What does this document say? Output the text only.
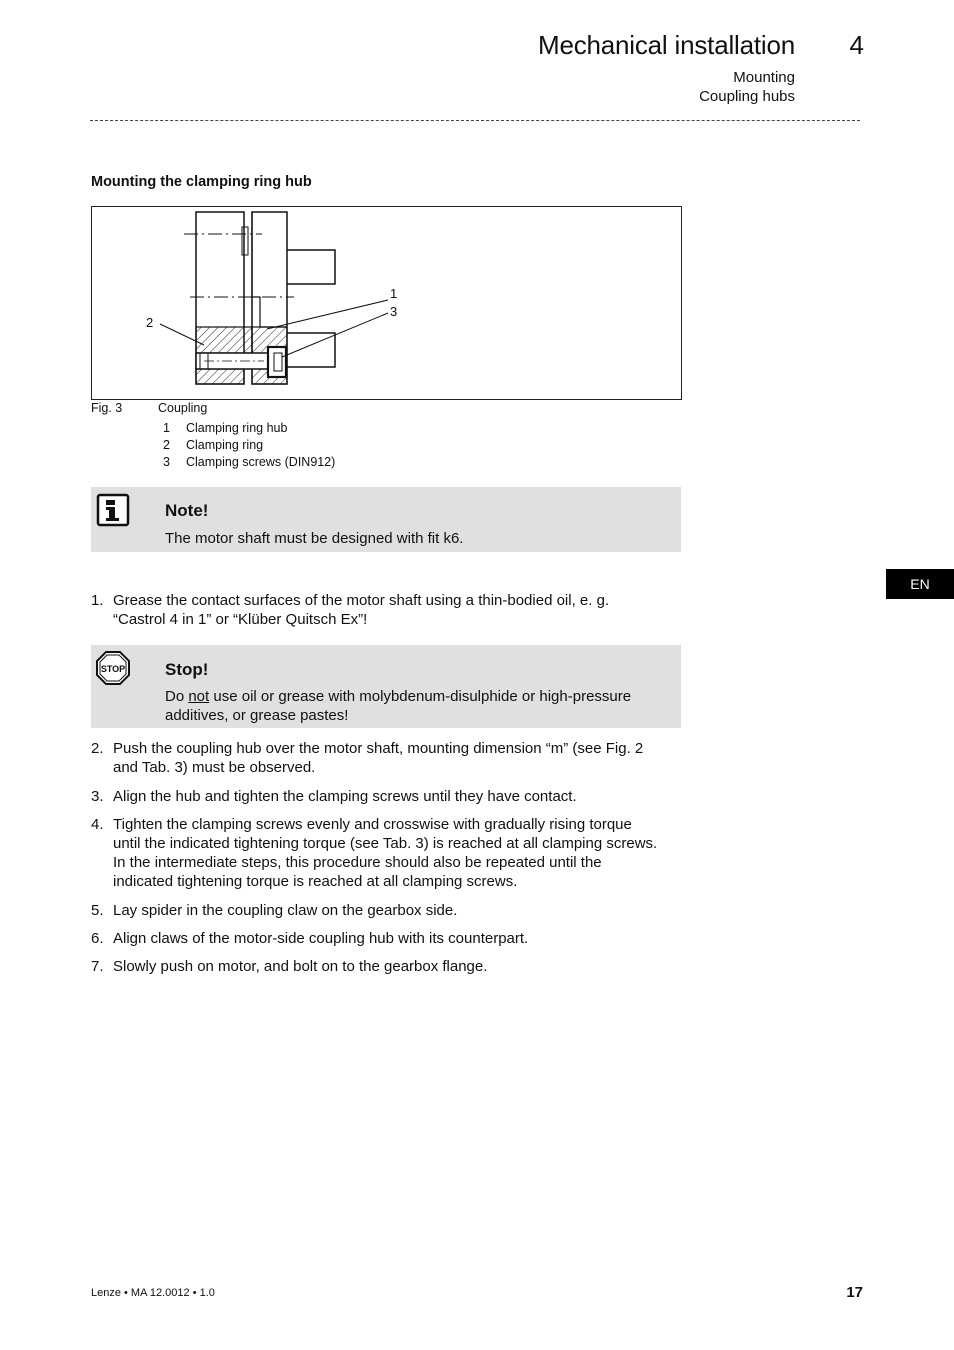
Mechanical installation	4
Mounting
Coupling hubs
Mounting the clamping ring hub
1
3
2
Fig. 3	Coupling
1 Clamping ring hub
2 Clamping ring
3 Clamping screws (DIN912)
Note!
The motor shaft must be designed with fit k6.
1. Grease the contact surfaces of the motor shaft using a thin-bodied oil, e. g.
“Castrol 4 in 1” or “Klüber Quitsch Ex”!
STOP Stop!
Do not use oil or grease with molybdenum-disulphide or high-pressure
additives, or grease pastes!
2. Push the coupling hub over the motor shaft, mounting dimension “m” (see Fig. 2
and Tab. 3) must be observed.
3. Align the hub and tighten the clamping screws until they have contact.
4. Tighten the clamping screws evenly and crosswise with gradually rising torque
until the indicated tightening torque (see Tab. 3) is reached at all clamping screws.
In the intermediate steps, this procedure should also be repeated until the
indicated tightening torque is reached at all clamping screws.
5. Lay spider in the coupling claw on the gearbox side.
6. Align claws of the motor-side coupling hub with its counterpart.
7. Slowly push on motor, and bolt on to the gearbox flange.
EN
Lenze • MA 12.0012 • 1.0	17
